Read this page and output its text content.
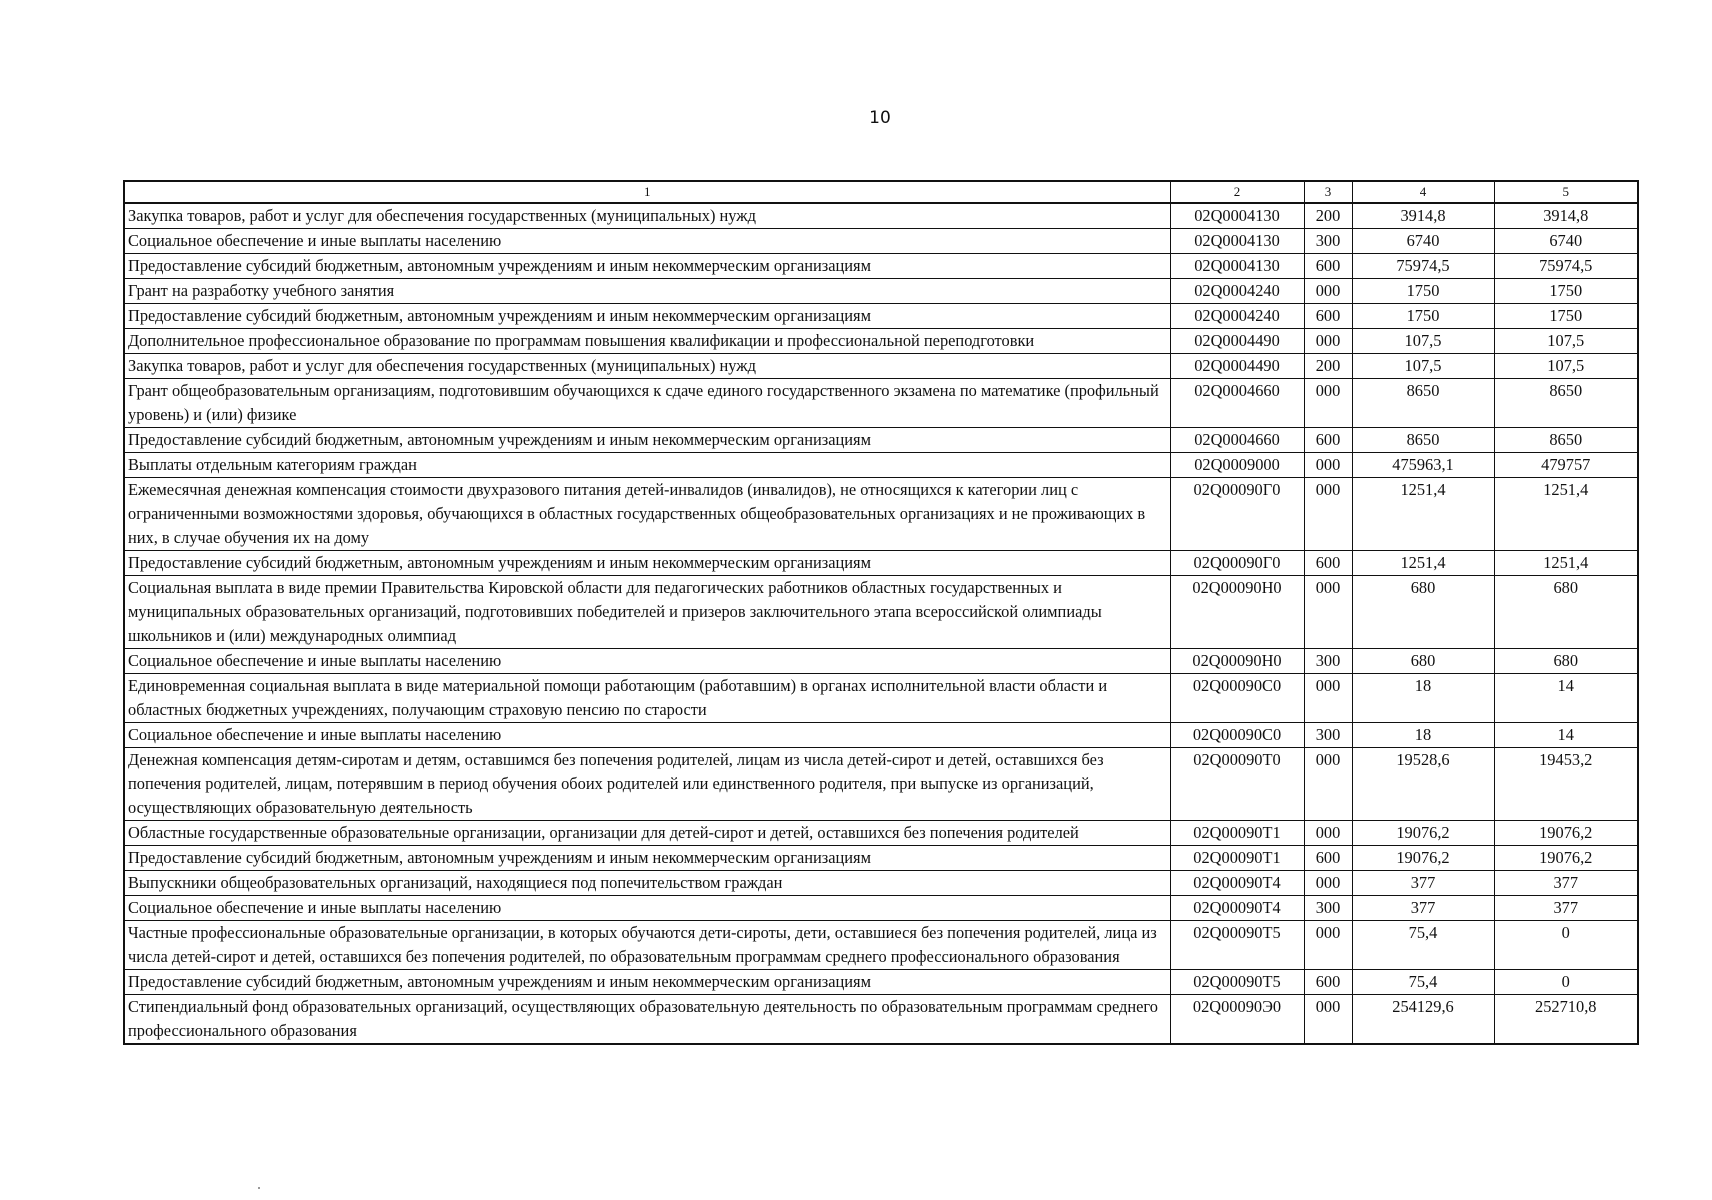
10
1	2	3	4	5
Закупка товаров, работ и услуг для обеспечения государственных (муниципальных) нужд	02Q0004130	200	3914,8	3914,8
Социальное обеспечение и иные выплаты населению	02Q0004130	300	6740	6740
Предоставление субсидий бюджетным, автономным учреждениям и иным некоммерческим организациям	02Q0004130	600	75974,5	75974,5
Грант на разработку учебного занятия	02Q0004240	000	1750	1750
Предоставление субсидий бюджетным, автономным учреждениям и иным некоммерческим организациям	02Q0004240	600	1750	1750
Дополнительное профессиональное образование по программам повышения квалификации и профессиональной переподготовки	02Q0004490	000	107,5	107,5
Закупка товаров, работ и услуг для обеспечения государственных (муниципальных) нужд	02Q0004490	200	107,5	107,5
Грант общеобразовательным организациям, подготовившим обучающихся к сдаче единого государственного экзамена по математике (профильный уровень) и (или) физике	02Q0004660	000	8650	8650
Предоставление субсидий бюджетным, автономным учреждениям и иным некоммерческим организациям	02Q0004660	600	8650	8650
Выплаты отдельным категориям граждан	02Q0009000	000	475963,1	479757
Ежемесячная денежная компенсация стоимости двухразового питания детей-инвалидов (инвалидов), не относящихся к категории лиц с ограниченными возможностями здоровья, обучающихся в областных государственных общеобразовательных организациях и не проживающих в них, в случае обучения их на дому	02Q00090Г0	000	1251,4	1251,4
Предоставление субсидий бюджетным, автономным учреждениям и иным некоммерческим организациям	02Q00090Г0	600	1251,4	1251,4
Социальная выплата в виде премии Правительства Кировской области для педагогических работников областных государственных и муниципальных образовательных организаций, подготовивших победителей и призеров заключительного этапа всероссийской олимпиады школьников и (или) международных олимпиад	02Q00090Н0	000	680	680
Социальное обеспечение и иные выплаты населению	02Q00090Н0	300	680	680
Единовременная социальная выплата в виде материальной помощи работающим (работавшим) в органах исполнительной власти области и областных бюджетных учреждениях, получающим страховую пенсию по старости	02Q00090С0	000	18	14
Социальное обеспечение и иные выплаты населению	02Q00090С0	300	18	14
Денежная компенсация детям-сиротам и детям, оставшимся без попечения родителей, лицам из числа детей-сирот и детей, оставшихся без попечения родителей, лицам, потерявшим в период обучения обоих родителей или единственного родителя, при выпуске из организаций, осуществляющих образовательную деятельность	02Q00090Т0	000	19528,6	19453,2
Областные государственные образовательные организации, организации для детей-сирот и детей, оставшихся без попечения родителей	02Q00090Т1	000	19076,2	19076,2
Предоставление субсидий бюджетным, автономным учреждениям и иным некоммерческим организациям	02Q00090Т1	600	19076,2	19076,2
Выпускники общеобразовательных организаций, находящиеся под попечительством граждан	02Q00090Т4	000	377	377
Социальное обеспечение и иные выплаты населению	02Q00090Т4	300	377	377
Частные профессиональные образовательные организации, в которых обучаются дети-сироты, дети, оставшиеся без попечения родителей, лица из числа детей-сирот и детей, оставшихся без попечения родителей, по образовательным программам среднего профессионального образования	02Q00090Т5	000	75,4	0
Предоставление субсидий бюджетным, автономным учреждениям и иным некоммерческим организациям	02Q00090Т5	600	75,4	0
Стипендиальный фонд образовательных организаций, осуществляющих образовательную деятельность по образовательным программам среднего профессионального образования	02Q00090Э0	000	254129,6	252710,8
